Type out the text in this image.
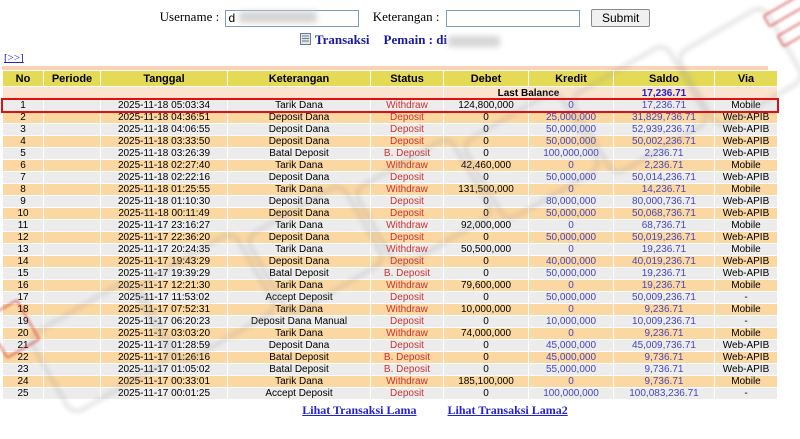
Username : d	Keterangan :	Submit
Transaksi Pemain : di
[>>]
No	Periode	Tanggal	Keterangan	Status	Debet	Kredit	Saldo	Via
					Last Balance		17,236.71	
1		2025-11-18 05:03:34	Tarik Dana	Withdraw	124,800,000	0	17,236.71	Mobile
2		2025-11-18 04:36:51	Deposit Dana	Deposit	0	25,000,000	31,829,736.71	Web-APIB
3		2025-11-18 04:06:55	Deposit Dana	Deposit	0	50,000,000	52,939,236.71	Web-APIB
4		2025-11-18 03:33:50	Deposit Dana	Deposit	0	50,000,000	50,002,236.71	Web-APIB
5		2025-11-18 03:26:39	Batal Deposit	B. Deposit	0	100,000,000	2,236.71	Web-APIB
6		2025-11-18 02:27:40	Tarik Dana	Withdraw	42,460,000	0	2,236.71	Mobile
7		2025-11-18 02:22:16	Deposit Dana	Deposit	0	50,000,000	50,014,236.71	Web-APIB
8		2025-11-18 01:25:55	Tarik Dana	Withdraw	131,500,000	0	14,236.71	Mobile
9		2025-11-18 01:10:30	Deposit Dana	Deposit	0	80,000,000	80,000,736.71	Web-APIB
10		2025-11-18 00:11:49	Deposit Dana	Deposit	0	50,000,000	50,068,736.71	Web-APIB
11		2025-11-17 23:16:27	Tarik Dana	Withdraw	92,000,000	0	68,736.71	Mobile
12		2025-11-17 22:36:20	Deposit Dana	Deposit	0	50,000,000	50,019,236.71	Web-APIB
13		2025-11-17 20:24:35	Tarik Dana	Withdraw	50,500,000	0	19,236.71	Mobile
14		2025-11-17 19:43:29	Deposit Dana	Deposit	0	40,000,000	40,019,236.71	Web-APIB
15		2025-11-17 19:39:29	Batal Deposit	B. Deposit	0	50,000,000	19,236.71	Web-APIB
16		2025-11-17 12:21:30	Tarik Dana	Withdraw	79,600,000	0	19,236.71	Mobile
17		2025-11-17 11:53:02	Accept Deposit	Deposit	0	50,000,000	50,009,236.71	-
18		2025-11-17 07:52:31	Tarik Dana	Withdraw	10,000,000	0	9,236.71	Mobile
19		2025-11-17 06:20:23	Deposit Dana Manual	Deposit	0	10,000,000	10,009,236.71	-
20		2025-11-17 03:03:20	Tarik Dana	Withdraw	74,000,000	0	9,236.71	Mobile
21		2025-11-17 01:28:59	Deposit Dana	Deposit	0	45,000,000	45,009,736.71	Web-APIB
22		2025-11-17 01:26:16	Batal Deposit	B. Deposit	0	45,000,000	9,736.71	Web-APIB
23		2025-11-17 01:05:02	Batal Deposit	B. Deposit	0	55,000,000	9,736.71	Web-APIB
24		2025-11-17 00:33:01	Tarik Dana	Withdraw	185,100,000	0	9,736.71	Mobile
25		2025-11-17 00:01:25	Accept Deposit	Deposit	0	100,000,000	100,083,236.71	-
Lihat Transaksi Lama	Lihat Transaksi Lama2
